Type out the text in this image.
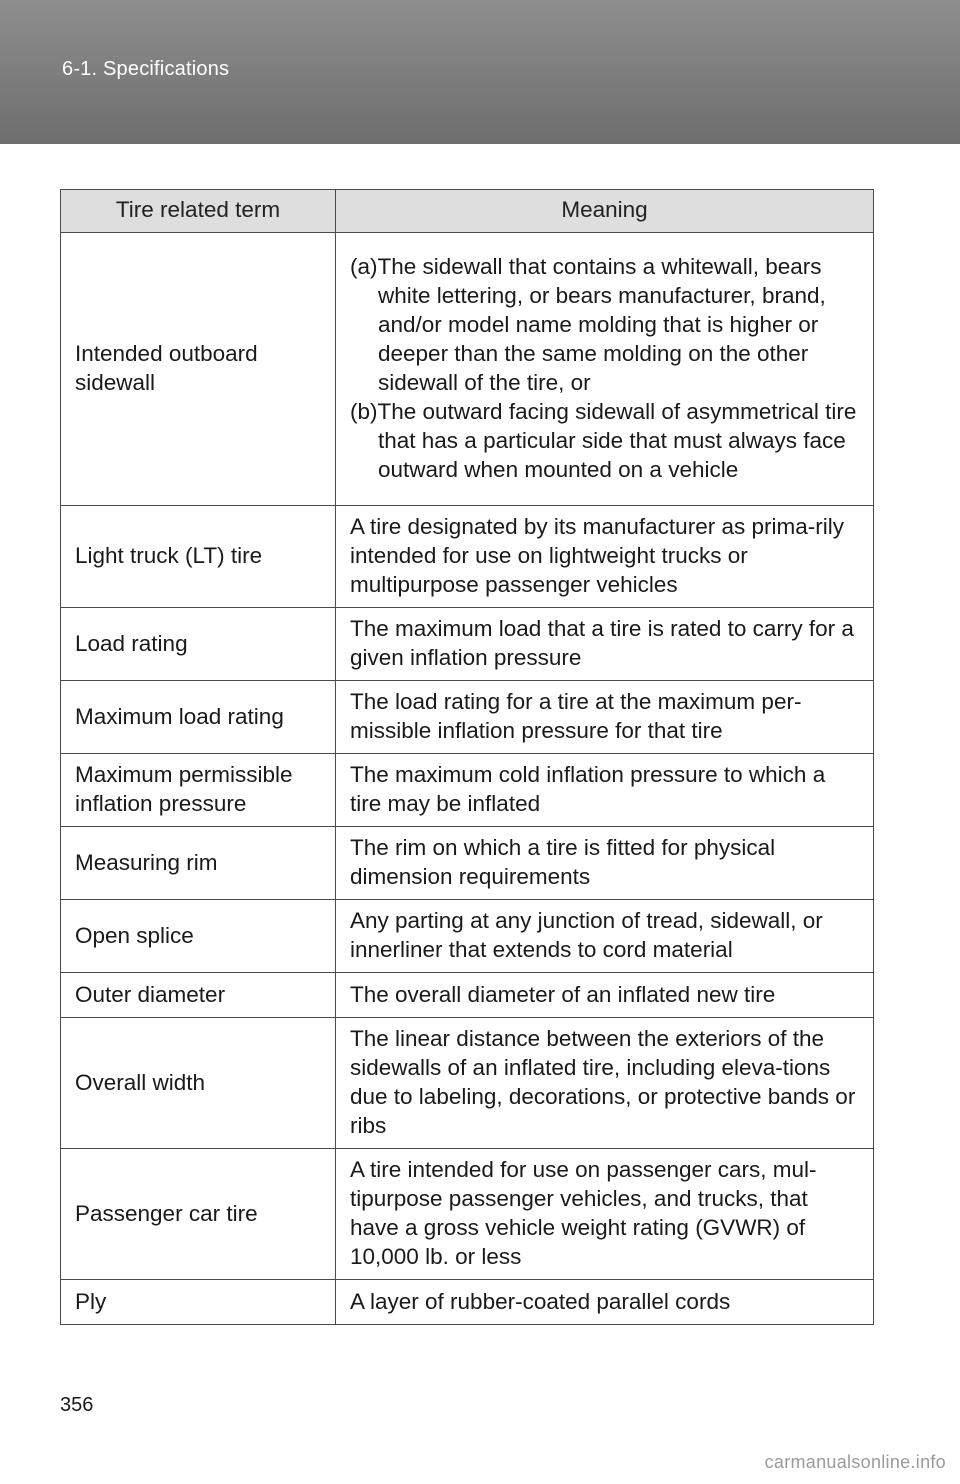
6-1. Specifications
Tire related term	Meaning
Intended outboard sidewall	(a)The sidewall that contains a whitewall, bears white lettering, or bears manufacturer, brand, and/or model name molding that is higher or deeper than the same molding on the other sidewall of the tire, or
(b)The outward facing sidewall of asymmetrical tire that has a particular side that must always face outward when mounted on a vehicle

Light truck (LT) tire	A tire designated by its manufacturer as prima-rily intended for use on lightweight trucks or multipurpose passenger vehicles
Load rating	The maximum load that a tire is rated to carry for a given inflation pressure
Maximum load rating	The load rating for a tire at the maximum per-missible inflation pressure for that tire
Maximum permissible inflation pressure	The maximum cold inflation pressure to which a tire may be inflated
Measuring rim	The rim on which a tire is fitted for physical dimension requirements
Open splice	Any parting at any junction of tread, sidewall, or innerliner that extends to cord material
Outer diameter	The overall diameter of an inflated new tire
Overall width	The linear distance between the exteriors of the sidewalls of an inflated tire, including eleva-tions due to labeling, decorations, or protective bands or ribs
Passenger car tire	A tire intended for use on passenger cars, mul-tipurpose passenger vehicles, and trucks, that have a gross vehicle weight rating (GVWR) of 10,000 lb. or less
Ply	A layer of rubber-coated parallel cords
356
carmanualsonline.info
